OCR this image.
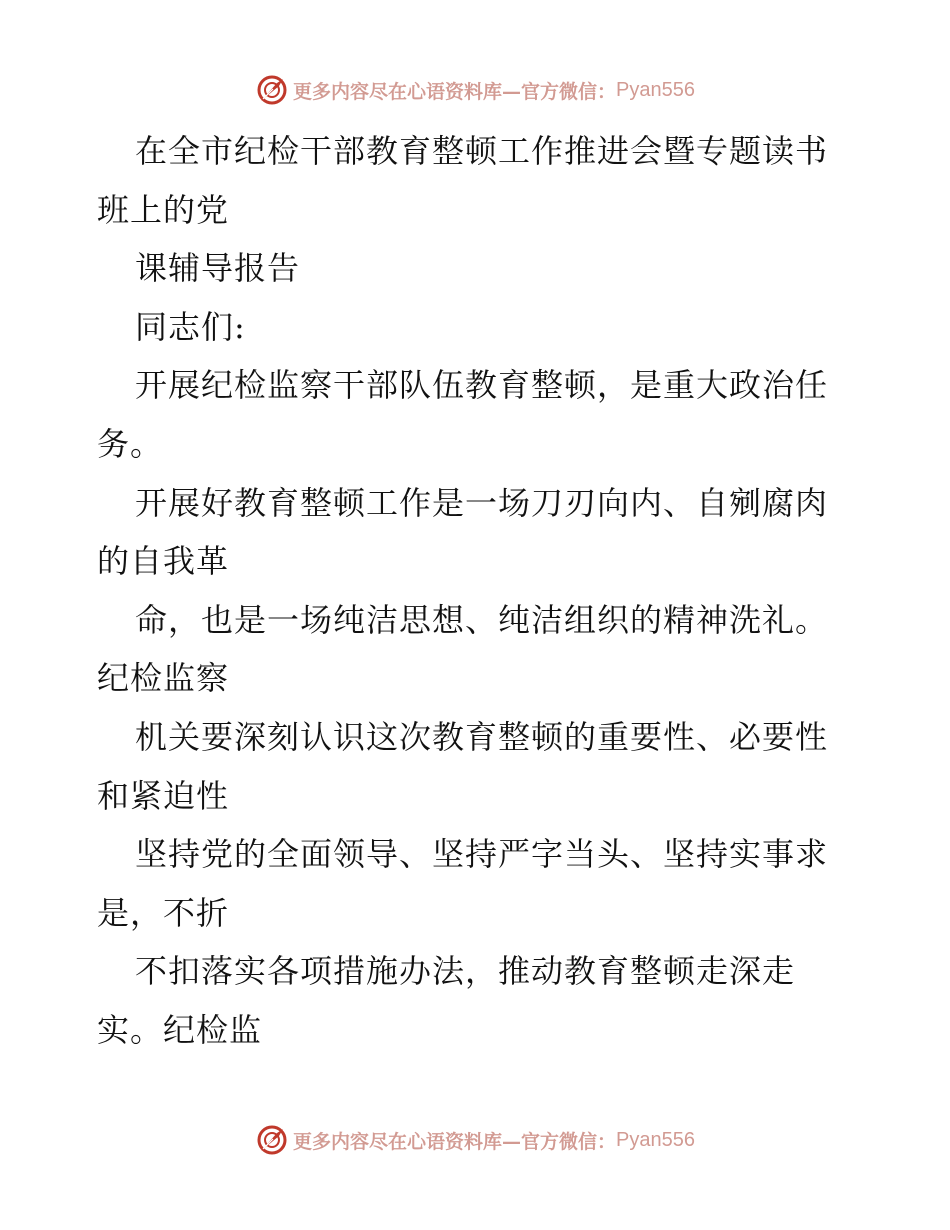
更多内容尽在心语资料库—官方微信： Pyan556
在全市纪检干部教育整顿工作推进会暨专题读书
班上的党
课辅导报告
同志们:
开展纪检监察干部队伍教育整顿，是重大政治任
务。
开展好教育整顿工作是一场刀刃向内、自剜腐肉
的自我革
命，也是一场纯洁思想、纯洁组织的精神洗礼。
纪检监察
机关要深刻认识这次教育整顿的重要性、必要性
和紧迫性
坚持党的全面领导、坚持严字当头、坚持实事求
是，不折
不扣落实各项措施办法，推动教育整顿走深走
实。纪检监
更多内容尽在心语资料库—官方微信： Pyan556
